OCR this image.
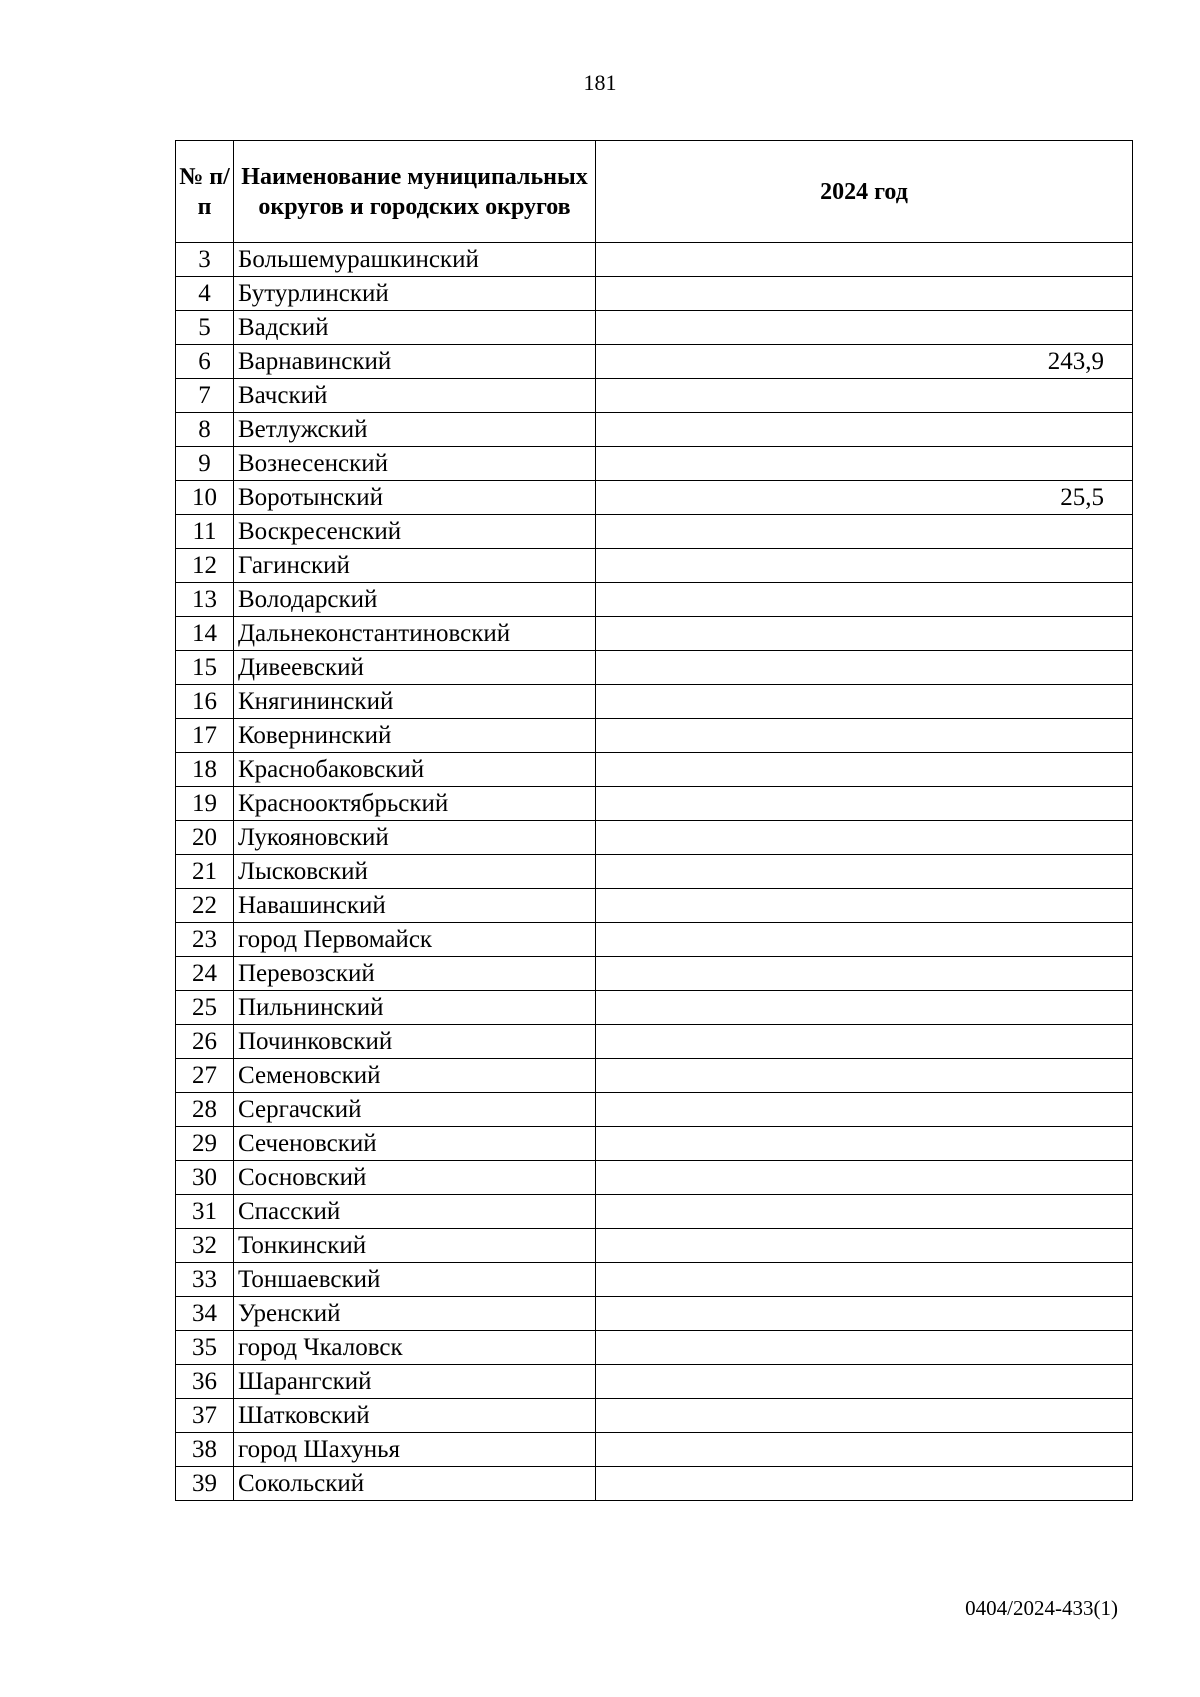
181
№ п/п	Наименование муниципальных округов и городских округов	2024 год
3	Большемурашкинский	
4	Бутурлинский	
5	Вадский	
6	Варнавинский	243,9
7	Вачский	
8	Ветлужский	
9	Вознесенский	
10	Воротынский	25,5
11	Воскресенский	
12	Гагинский	
13	Володарский	
14	Дальнеконстантиновский	
15	Дивеевский	
16	Княгининский	
17	Ковернинский	
18	Краснобаковский	
19	Краснооктябрьский	
20	Лукояновский	
21	Лысковский	
22	Навашинский	
23	город Первомайск	
24	Перевозский	
25	Пильнинский	
26	Починковский	
27	Семеновский	
28	Сергачский	
29	Сеченовский	
30	Сосновский	
31	Спасский	
32	Тонкинский	
33	Тоншаевский	
34	Уренский	
35	город Чкаловск	
36	Шарангский	
37	Шатковский	
38	город Шахунья	
39	Сокольский	
0404/2024-433(1)
